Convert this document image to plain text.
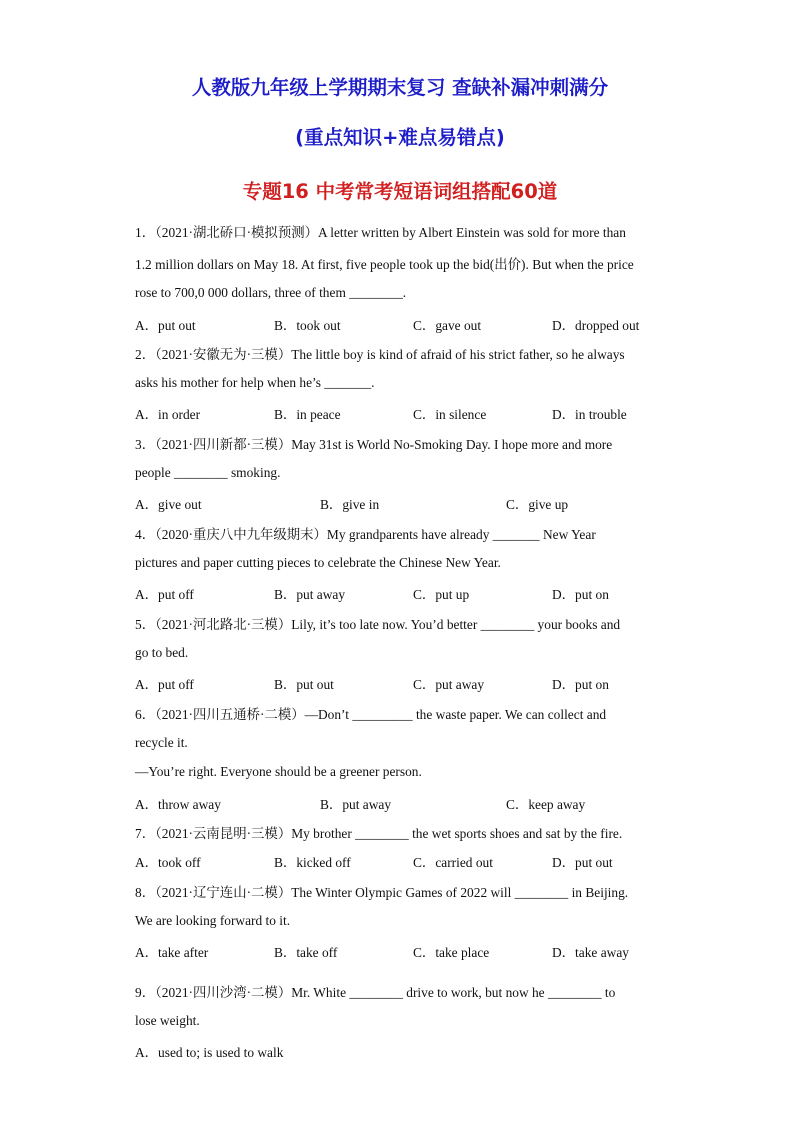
人教版九年级上学期期末复习 查缺补漏冲刺满分
(重点知识+难点易错点)
专题16 中考常考短语词组搭配60道
1．（2021·湖北硚口·模拟预测）A letter written by Albert Einstein was sold for more than
1.2 million dollars on May 18. At first, five people took up the bid(出价). But when the price
rose to 700,0 000 dollars, three of them ________.
A．put out	B．took out	C．gave out	D．dropped out
2．（2021·安徽无为·三模）The little boy is kind of afraid of his strict father, so he always
asks his mother for help when he’s _______.
A．in order	B．in peace	C．in silence	D．in trouble
3．（2021·四川新都·三模）May 31st is World No-Smoking Day. I hope more and more
people ________ smoking.
A．give out	B．give in	C．give up
4．（2020·重庆八中九年级期末）My grandparents have already _______ New Year
pictures and paper cutting pieces to celebrate the Chinese New Year.
A．put off	B．put away	C．put up	D．put on
5．（2021·河北路北·三模）Lily, it’s too late now. You’d better ________ your books and
go to bed.
A．put off	B．put out	C．put away	D．put on
6．（2021·四川五通桥·二模）—Don’t _________ the waste paper. We can collect and
recycle it.
—You’re right. Everyone should be a greener person.
A．throw away	B．put away	C．keep away
7．（2021·云南昆明·三模）My brother ________ the wet sports shoes and sat by the fire.
A．took off	B．kicked off	C．carried out	D．put out
8．（2021·辽宁连山·二模）The Winter Olympic Games of 2022 will ________ in Beijing.
We are looking forward to it.
A．take after	B．take off	C．take place	D．take away
9．（2021·四川沙湾·二模）Mr. White ________ drive to work, but now he ________ to
lose weight.
A．used to; is used to walk
